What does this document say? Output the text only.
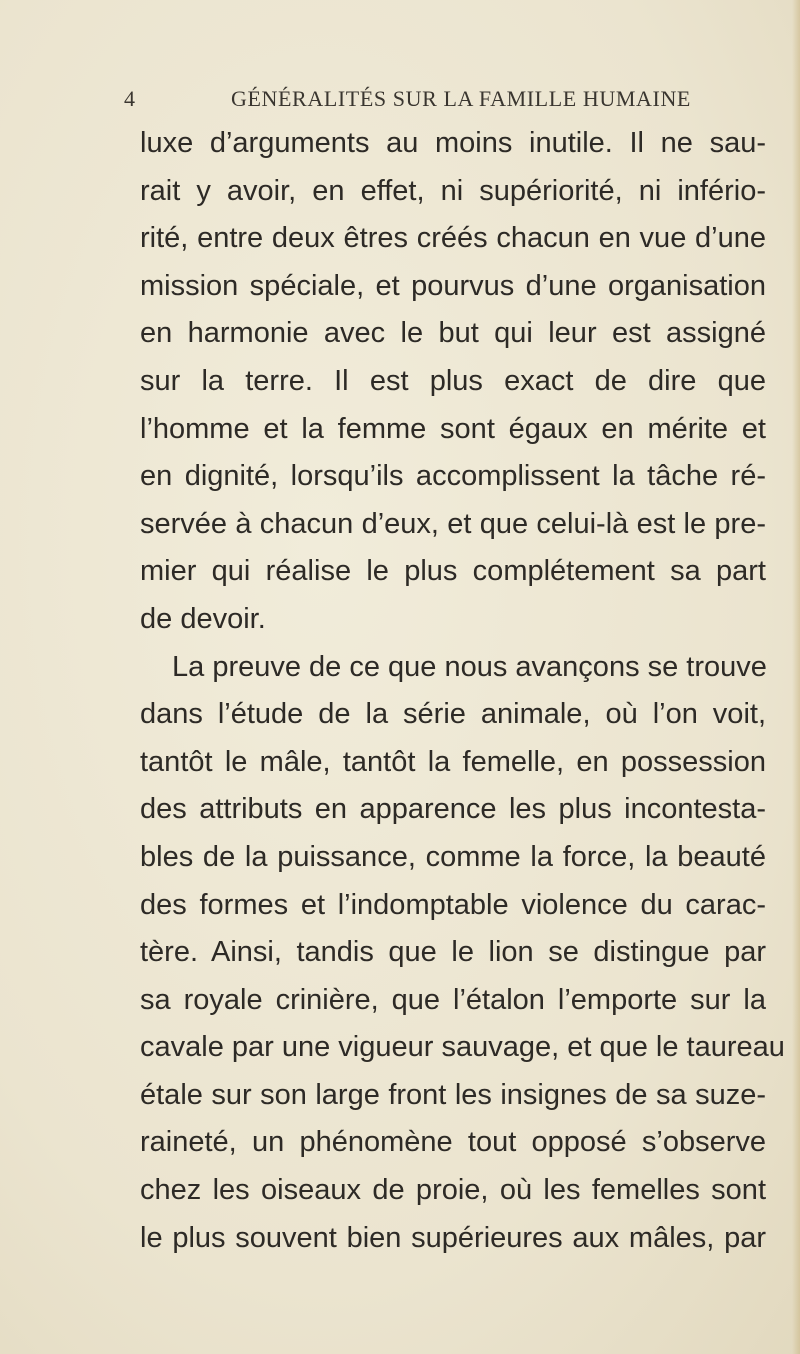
4	GÉNÉRALITÉS SUR LA FAMILLE HUMAINE
luxe d’arguments au moins inutile. Il ne sau-
rait y avoir, en effet, ni supériorité, ni infério-
rité, entre deux êtres créés chacun en vue d’une
mission spéciale, et pourvus d’une organisation
en harmonie avec le but qui leur est assigné
sur la terre. Il est plus exact de dire que
l’homme et la femme sont égaux en mérite et
en dignité, lorsqu’ils accomplissent la tâche ré-
servée à chacun d’eux, et que celui-là est le pre-
mier qui réalise le plus complétement sa part
de devoir.
La preuve de ce que nous avançons se trouve
dans l’étude de la série animale, où l’on voit,
tantôt le mâle, tantôt la femelle, en possession
des attributs en apparence les plus incontesta-
bles de la puissance, comme la force, la beauté
des formes et l’indomptable violence du carac-
tère. Ainsi, tandis que le lion se distingue par
sa royale crinière, que l’étalon l’emporte sur la
cavale par une vigueur sauvage, et que le taureau
étale sur son large front les insignes de sa suze-
raineté, un phénomène tout opposé s’observe
chez les oiseaux de proie, où les femelles sont
le plus souvent bien supérieures aux mâles, par
